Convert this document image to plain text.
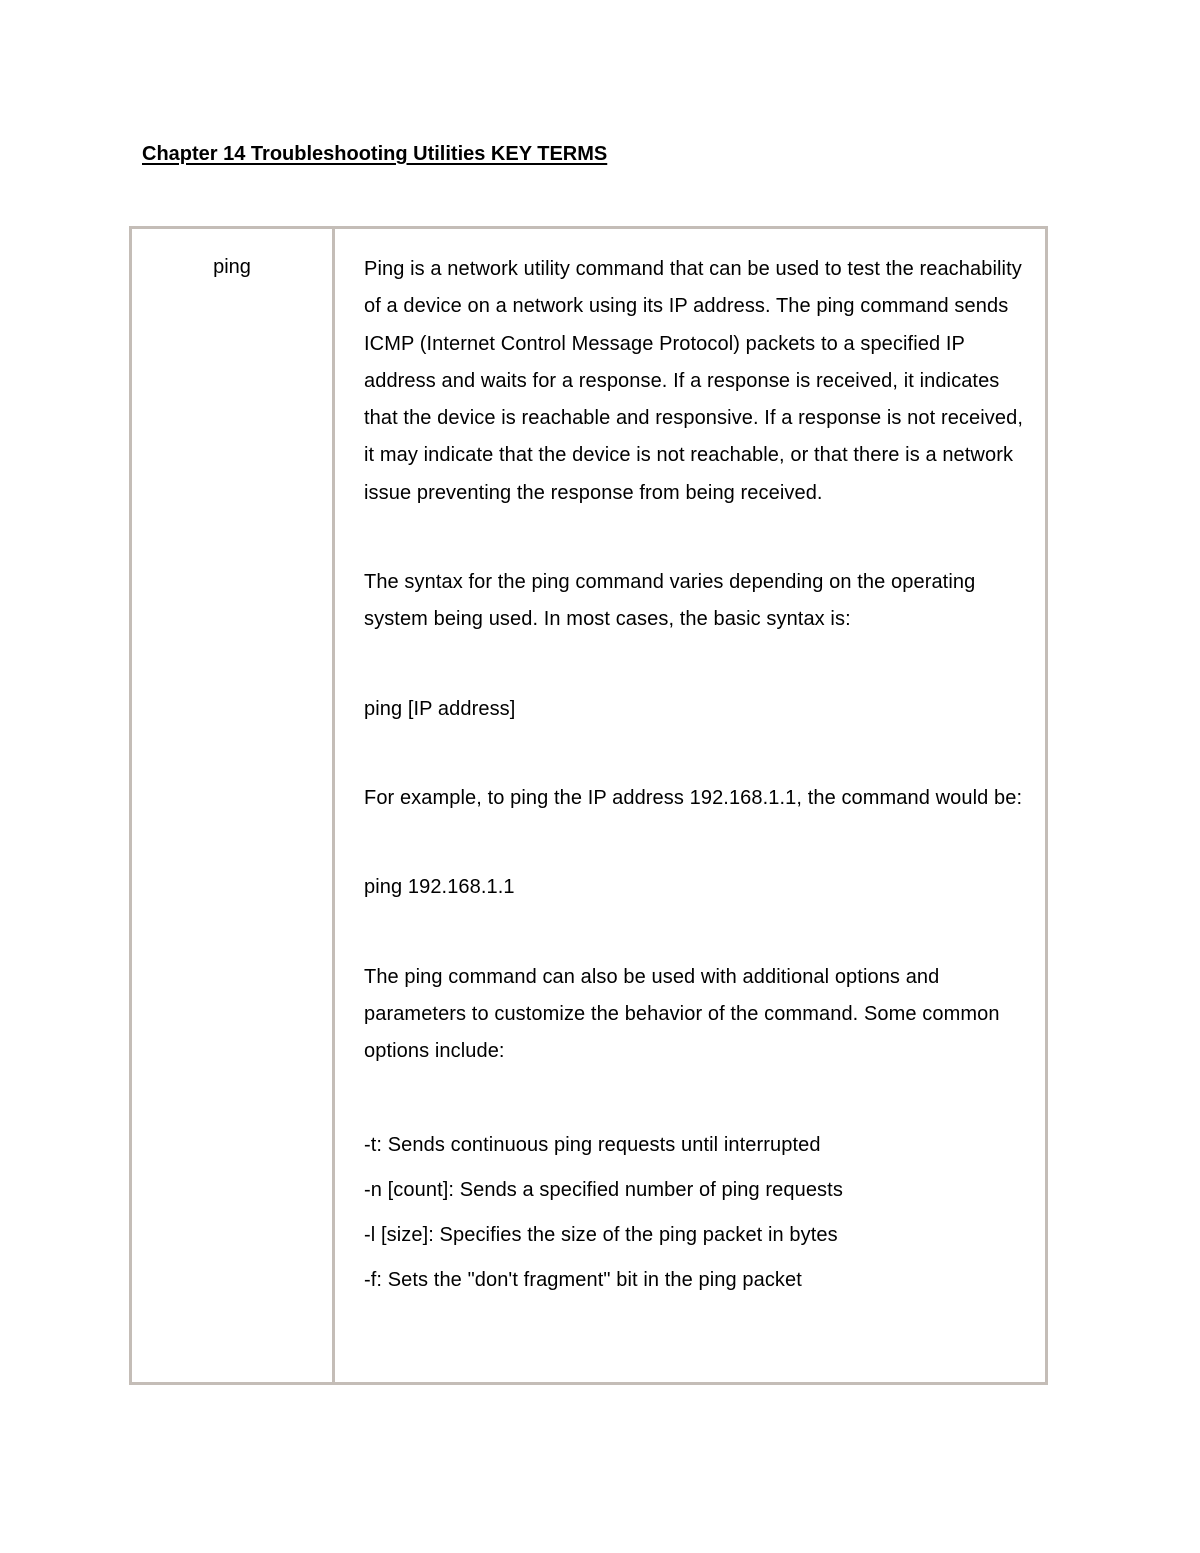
Chapter 14 Troubleshooting Utilities KEY TERMS
ping	Ping is a network utility command that can be used to test the reachability of a device on a network using its IP address. The ping command sends ICMP (Internet Control Message Protocol) packets to a specified IP address and waits for a response. If a response is received, it indicates that the device is reachable and responsive. If a response is not received, it may indicate that the device is not reachable, or that there is a network issue preventing the response from being received.

The syntax for the ping command varies depending on the operating system being used. In most cases, the basic syntax is:

ping [IP address]

For example, to ping the IP address 192.168.1.1, the command would be:

ping 192.168.1.1

The ping command can also be used with additional options and parameters to customize the behavior of the command. Some common options include:

-t: Sends continuous ping requests until interrupted

-n [count]: Sends a specified number of ping requests

-l [size]: Specifies the size of the ping packet in bytes

-f: Sets the "don't fragment" bit in the ping packet
